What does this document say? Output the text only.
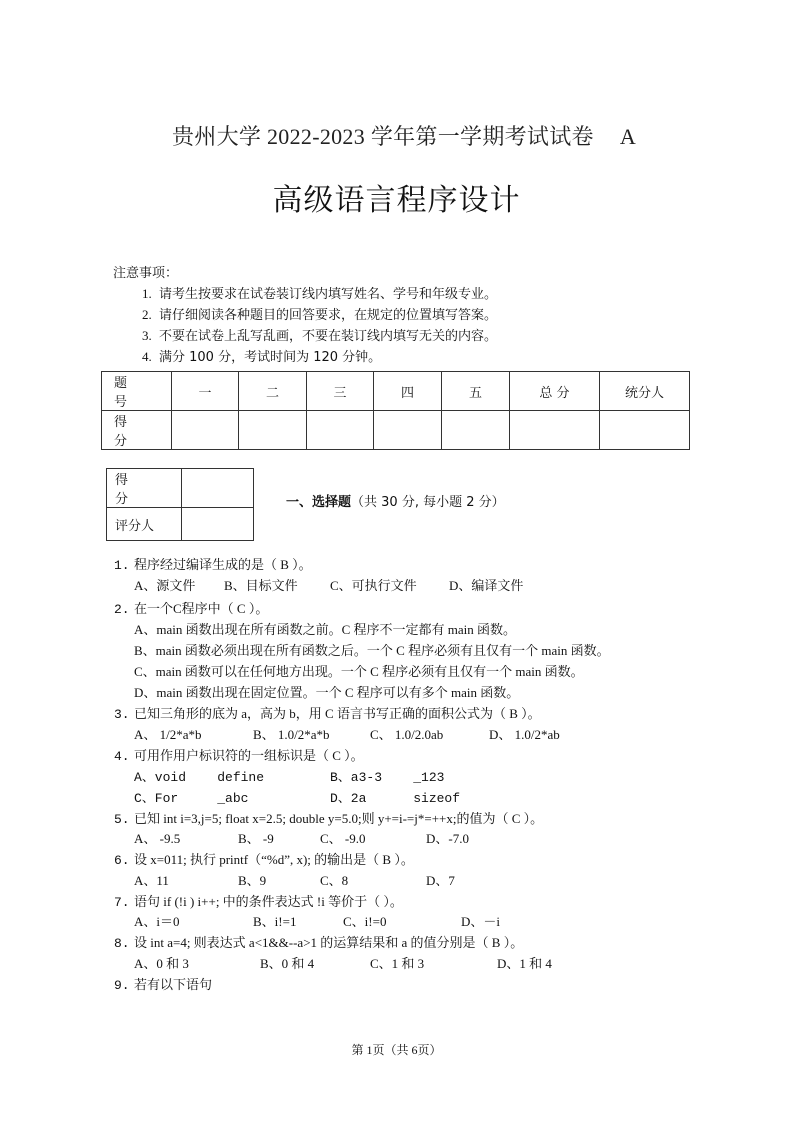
贵州大学 2022-2023 学年第一学期考试试卷 A
高级语言程序设计
注意事项：
1. 请考生按要求在试卷装订线内填写姓名、学号和年级专业。
2. 请仔细阅读各种题目的回答要求，在规定的位置填写答案。
3. 不要在试卷上乱写乱画，不要在装订线内填写无关的内容。
4. 满分 100 分，考试时间为 120 分钟。
题 号	一	二	三	四	五	总 分	统分人
得 分							
得 分	
评分人	
一、选择题（共 30 分, 每小题 2 分）
1. 程序经过编译生成的是（ B ）。
A、源文件 B、目标文件 C、可执行文件 D、编译文件
2. 在一个C程序中（ C ）。
A、main 函数出现在所有函数之前。C 程序不一定都有 main 函数。
B、main 函数必须出现在所有函数之后。一个 C 程序必须有且仅有一个 main 函数。
C、main 函数可以在任何地方出现。一个 C 程序必须有且仅有一个 main 函数。
D、main 函数出现在固定位置。一个 C 程序可以有多个 main 函数。
3. 已知三角形的底为 a，高为 b，用 C 语言书写正确的面积公式为（ B ）。
A、 1/2*a*b	B、 1.0/2*a*b	C、 1.0/2.0ab	D、 1.0/2*ab
4. 可用作用户标识符的一组标识是（ C ）。

A、void    define

	B、a3-3    _123

C、For     _abc

	D、2a      sizeof

5. 已知 int i=3,j=5; float x=2.5; double y=5.0;则 y+=i-=j*=++x;的值为（ C ）。
A、 -9.5	B、 -9	C、 -9.0	D、-7.0
6. 设 x=011; 执行 printf（“%d”, x); 的输出是（ B ）。
A、11	B、9	C、8	D、7
7. 语句 if (!i ) i++; 中的条件表达式 !i 等价于（ ）。
A、i＝0	B、i!=1	C、i!=0	D、－i
8. 设 int a=4; 则表达式 a<1&&--a>1 的运算结果和 a 的值分别是（ B ）。
A、0 和 3	B、0 和 4	C、1 和 3	D、1 和 4
9. 若有以下语句
第 1页（共 6页）
